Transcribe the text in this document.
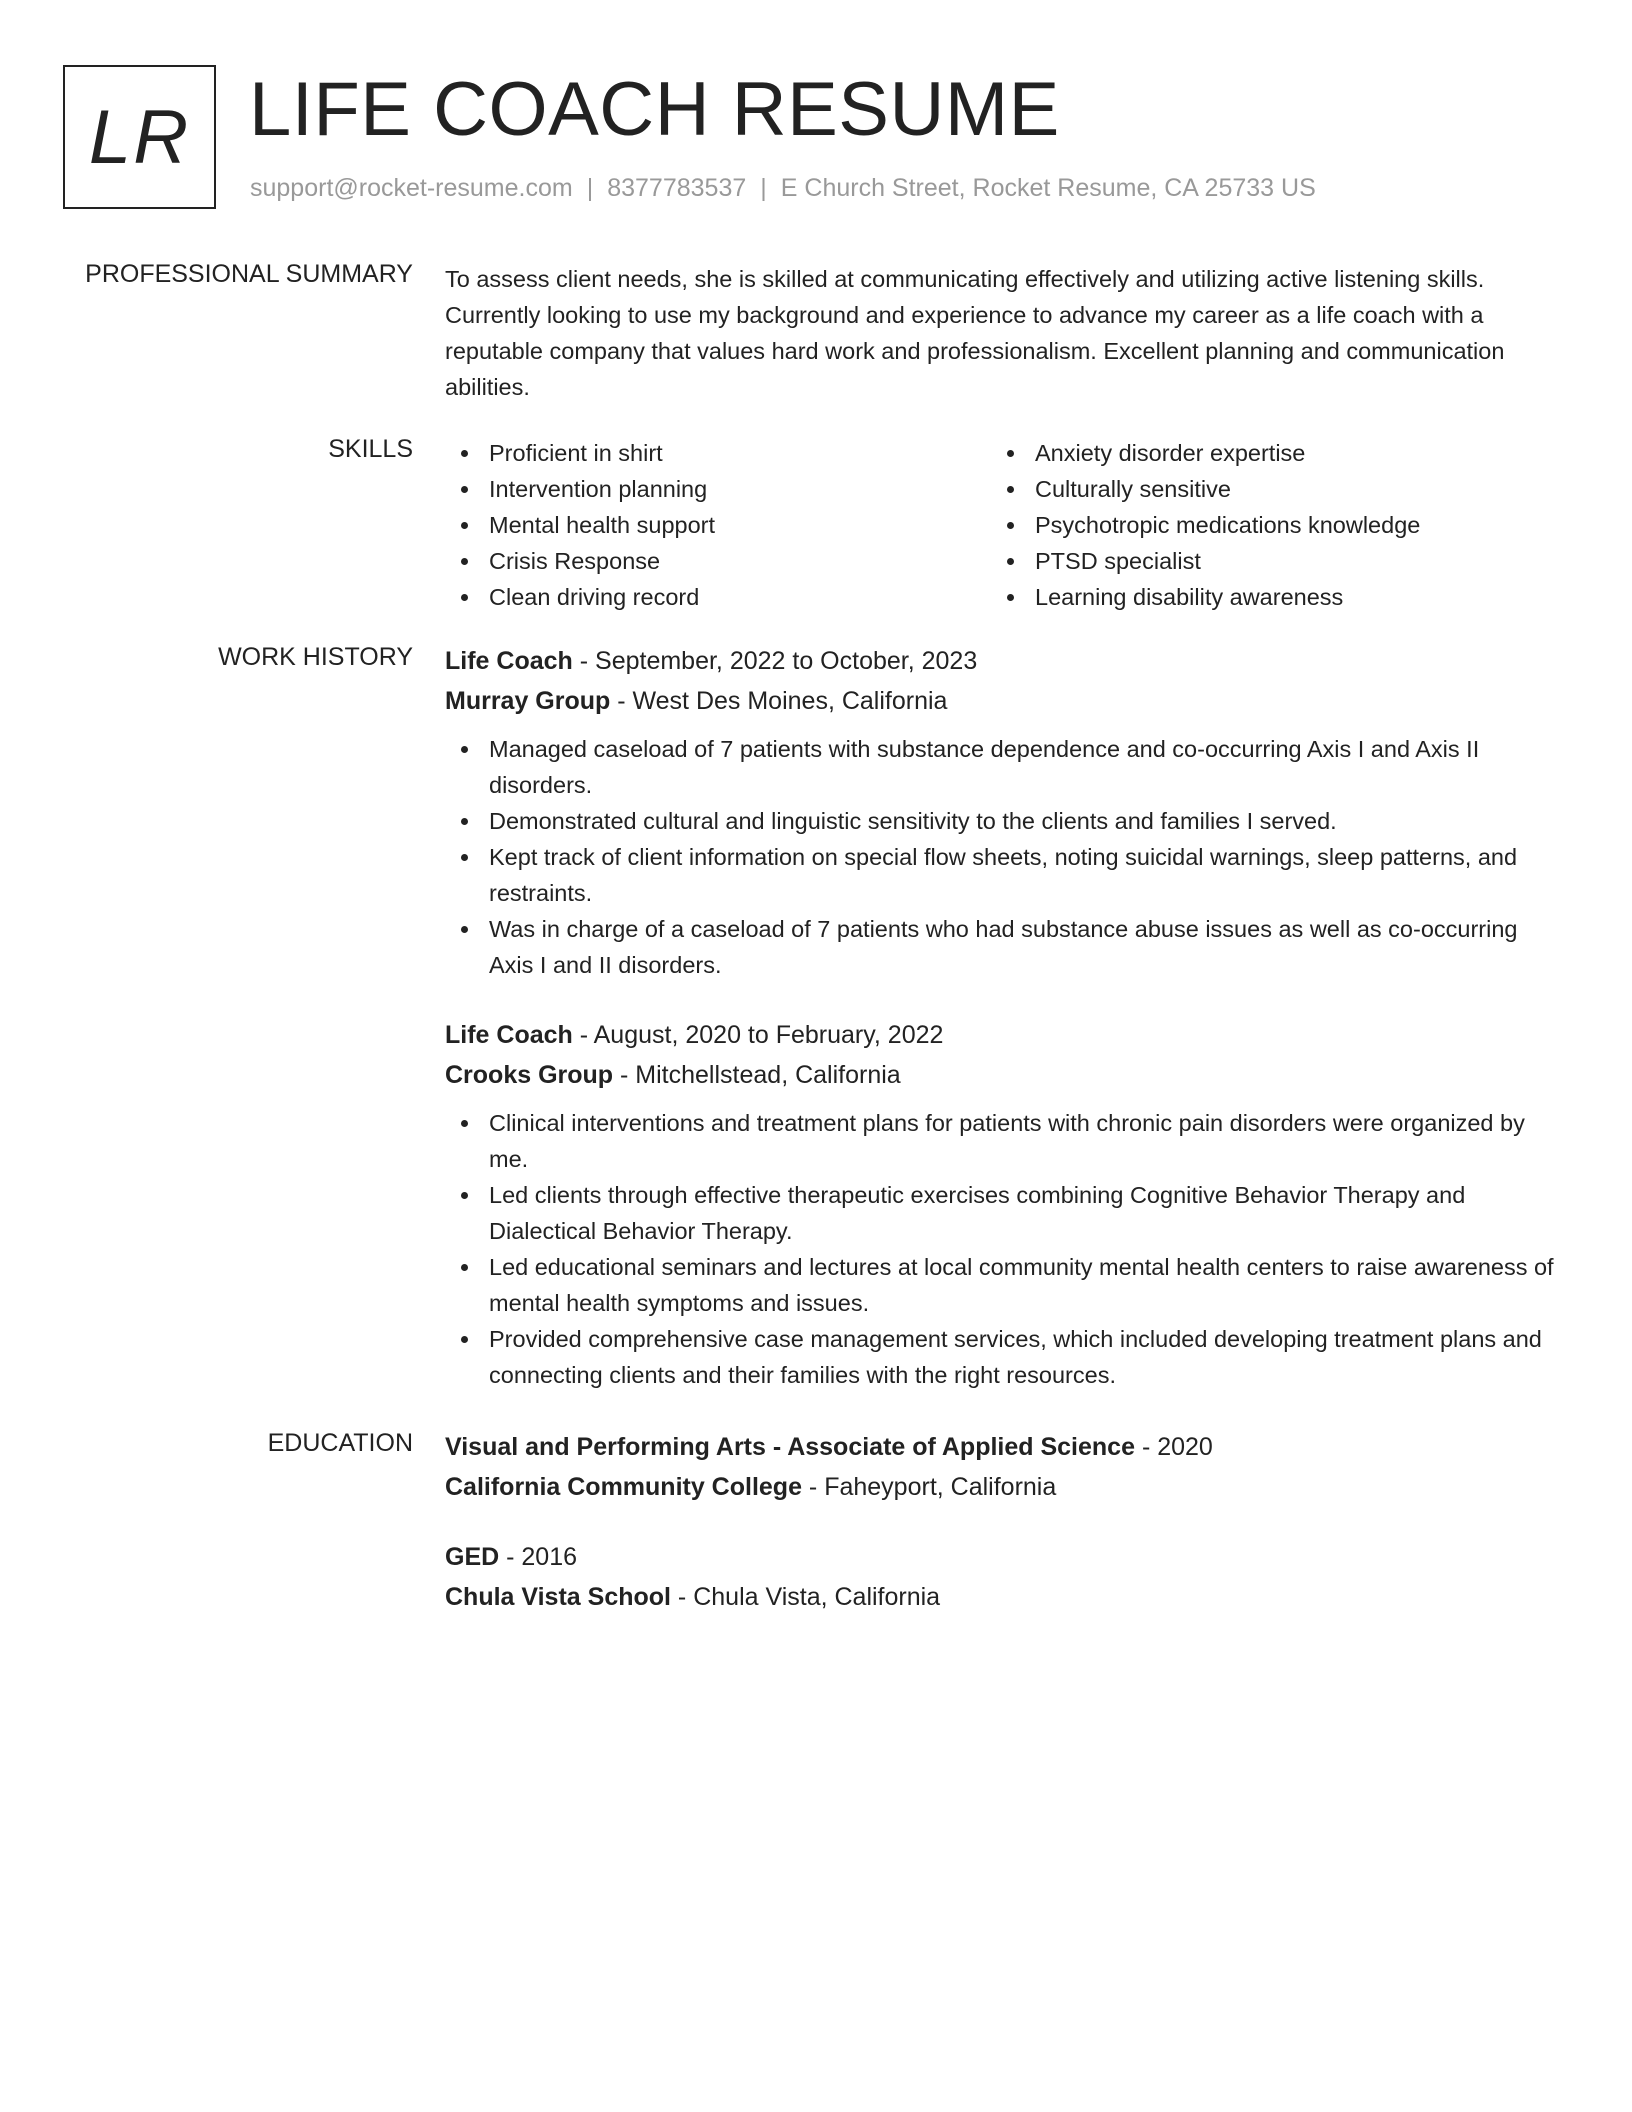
LR LIFE COACH RESUME
support@rocket-resume.com | 8377783537 | E Church Street, Rocket Resume, CA 25733 US
PROFESSIONAL SUMMARY To assess client needs, she is skilled at communicating effectively and utilizing active listening skills. Currently looking to use my background and experience to advance my career as a life coach with a reputable company that values hard work and professionalism. Excellent planning and communication abilities.

SKILLS	Proficient in shirt
Intervention planning
Mental health support
Crisis Response
Clean driving record
Anxiety disorder expertise
Culturally sensitive
Psychotropic medications knowledge
PTSD specialist
Learning disability awareness
WORK HISTORY Life Coach - September, 2022 to October, 2023
Murray Group - West Des Moines, California
Managed caseload of 7 patients with substance dependence and co-occurring Axis I and Axis II disorders.
Demonstrated cultural and linguistic sensitivity to the clients and families I served.
Kept track of client information on special flow sheets, noting suicidal warnings, sleep patterns, and restraints.
Was in charge of a caseload of 7 patients who had substance abuse issues as well as co-occurring Axis I and II disorders.
Life Coach - August, 2020 to February, 2022
Crooks Group - Mitchellstead, California
Clinical interventions and treatment plans for patients with chronic pain disorders were organized by me.
Led clients through effective therapeutic exercises combining Cognitive Behavior Therapy and Dialectical Behavior Therapy.
Led educational seminars and lectures at local community mental health centers to raise awareness of mental health symptoms and issues.
Provided comprehensive case management services, which included developing treatment plans and connecting clients and their families with the right resources.
EDUCATION Visual and Performing Arts - Associate of Applied Science - 2020
California Community College - Faheyport, California
GED - 2016
Chula Vista School - Chula Vista, California
